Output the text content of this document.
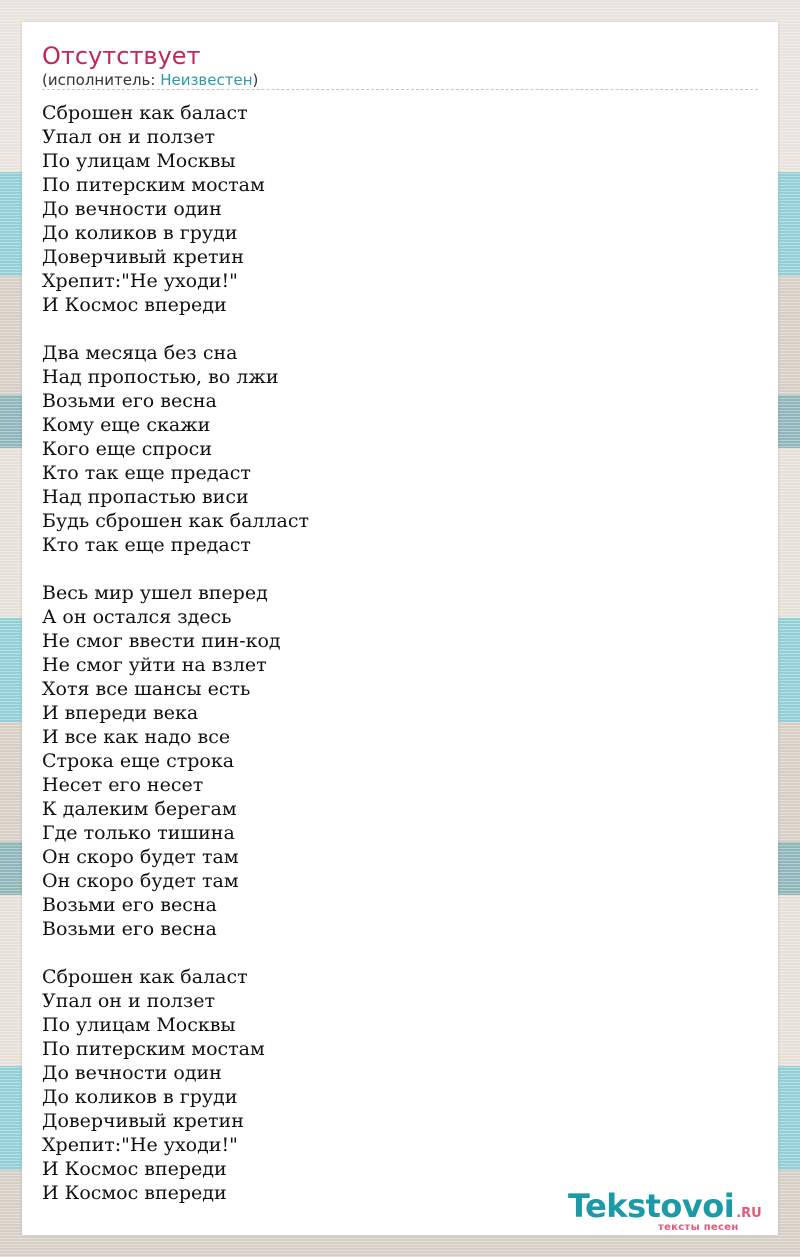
Отсутствует
(исполнитель: Неизвестен)
Сброшен как баласт
Упал он и ползет
По улицам Москвы
По питерским мостам
До вечности один
До коликов в груди
Доверчивый кретин
Хрепит:"Не уходи!"
И Космос впереди
Два месяца без сна
Над пропостью, во лжи
Возьми его весна
Кому еще скажи
Кого еще спроси
Кто так еще предаст
Над пропастью виси
Будь сброшен как балласт
Кто так еще предаст
Весь мир ушел вперед
А он остался здесь
Не смог ввести пин-код
Не смог уйти на взлет
Хотя все шансы есть
И впереди века
И все как надо все
Строка еще строка
Несет его несет
К далеким берегам
Где только тишина
Он скоро будет там
Он скоро будет там
Возьми его весна
Возьми его весна
Сброшен как баласт
Упал он и ползет
По улицам Москвы
По питерским мостам
До вечности один
До коликов в груди
Доверчивый кретин
Хрепит:"Не уходи!"
И Космос впереди
И Космос впереди	Tekstovoi .RU
тексты песен
